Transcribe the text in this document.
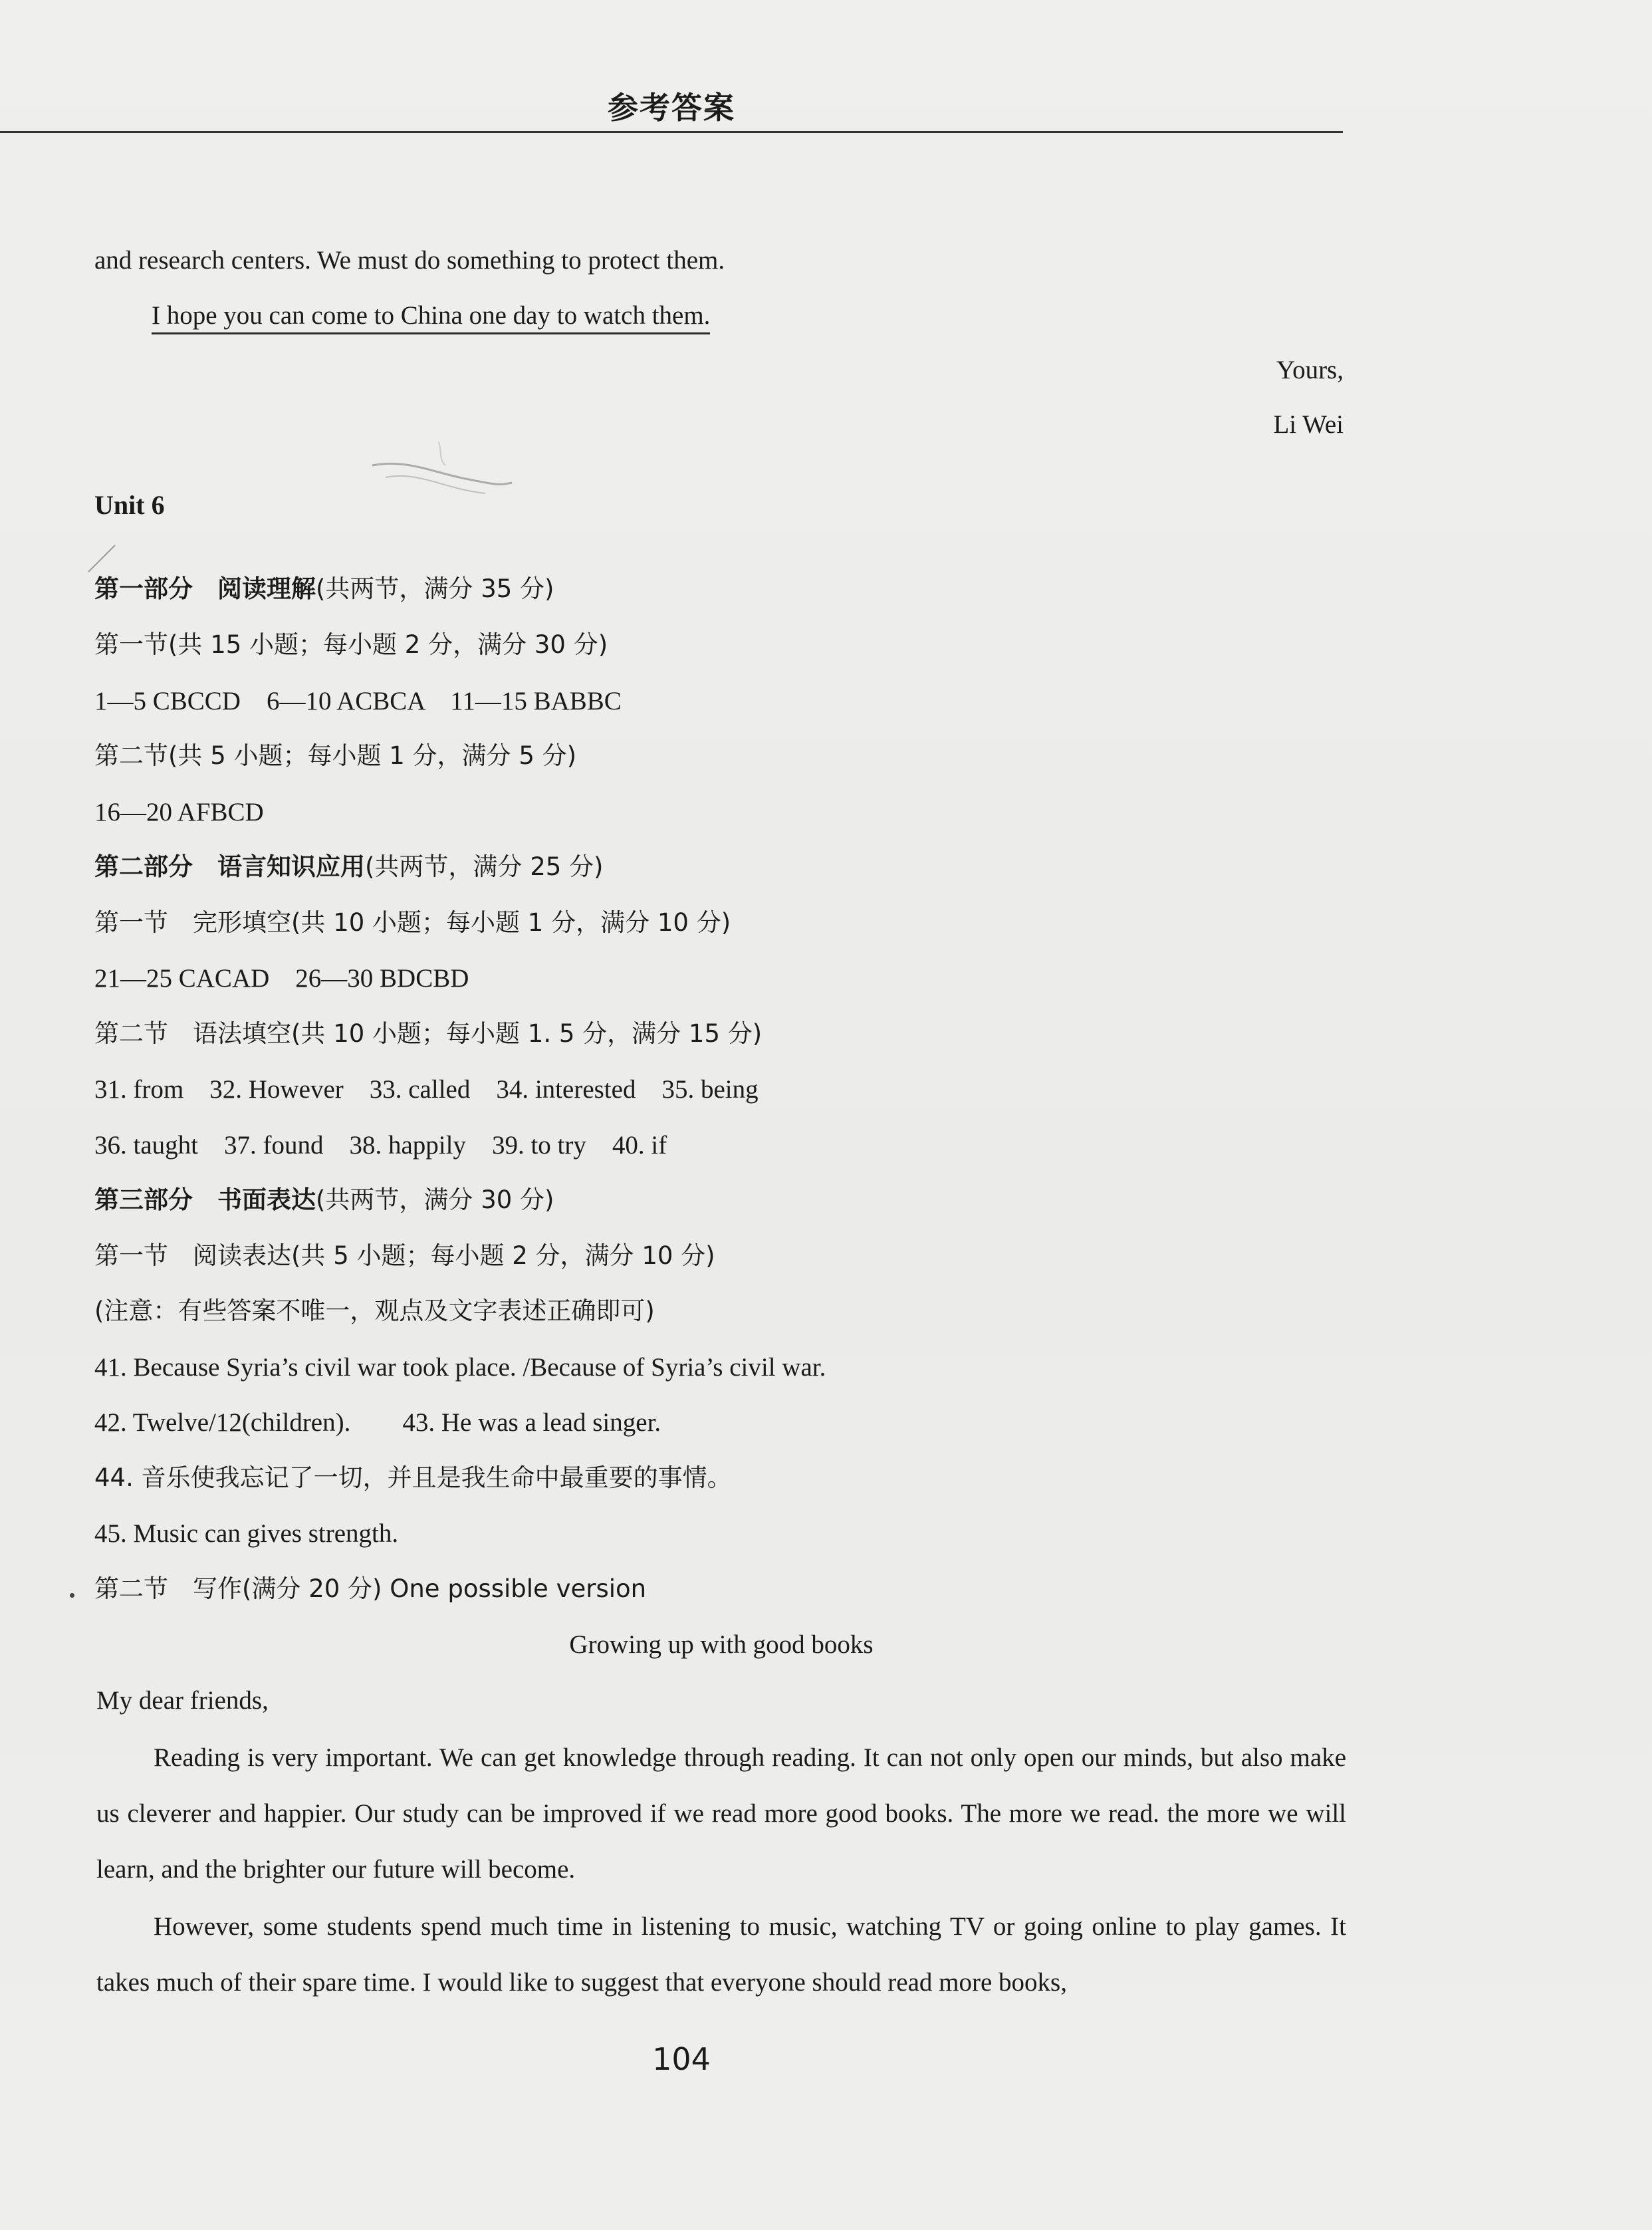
参考答案
and research centers. We must do something to protect them.
I hope you can come to China one day to watch them.
Yours,
Li Wei
Unit 6
第一部分　阅读理解(共两节，满分 35 分)
第一节(共 15 小题；每小题 2 分，满分 30 分)
1—5 CBCCD　6—10 ACBCA　11—15 BABBC
第二节(共 5 小题；每小题 1 分，满分 5 分)
16—20 AFBCD
第二部分　语言知识应用(共两节，满分 25 分)
第一节　完形填空(共 10 小题；每小题 1 分，满分 10 分)
21—25 CACAD　26—30 BDCBD
第二节　语法填空(共 10 小题；每小题 1. 5 分，满分 15 分)
31. from　32. However　33. called　34. interested　35. being
36. taught　37. found　38. happily　39. to try　40. if
第三部分　书面表达(共两节，满分 30 分)
第一节　阅读表达(共 5 小题；每小题 2 分，满分 10 分)
(注意：有些答案不唯一，观点及文字表述正确即可)
41. Because Syria’s civil war took place. /Because of Syria’s civil war.
42. Twelve/12(children).　　43. He was a lead singer.
44. 音乐使我忘记了一切，并且是我生命中最重要的事情。
45. Music can gives strength.
第二节　写作(满分 20 分) One possible version
Growing up with good books
My dear friends,
Reading is very important. We can get knowledge through reading. It can not only open our minds, but also make us cleverer and happier. Our study can be improved if we read more good books. The more we read. the more we will learn, and the brighter our future will become.
However, some students spend much time in listening to music, watching TV or going online to play games. It takes much of their spare time. I would like to suggest that everyone should read more books,
104
